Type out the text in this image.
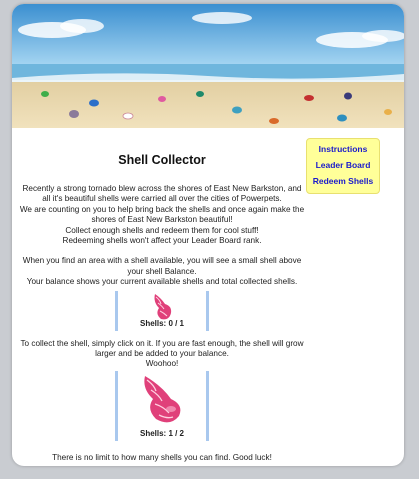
Instructions
Leader Board
Redeem Shells
Shell Collector
Recently a strong tornado blew across the shores of East New Barkston, and
all it's beautiful shells were carried all over the cities of Powerpets.
We are counting on you to help bring back the shells and once again make the
shores of East New Barkston beautiful!
Collect enough shells and redeem them for cool stuff!
Redeeming shells won't affect your Leader Board rank.
When you find an area with a shell available, you will see a small shell above
your shell Balance.
Your balance shows your current available shells and total collected shells.
Shells: 0 / 1
To collect the shell, simply click on it. If you are fast enough, the shell will grow
larger and be added to your balance.
Woohoo!
Shells: 1 / 2
There is no limit to how many shells you can find. Good luck!
